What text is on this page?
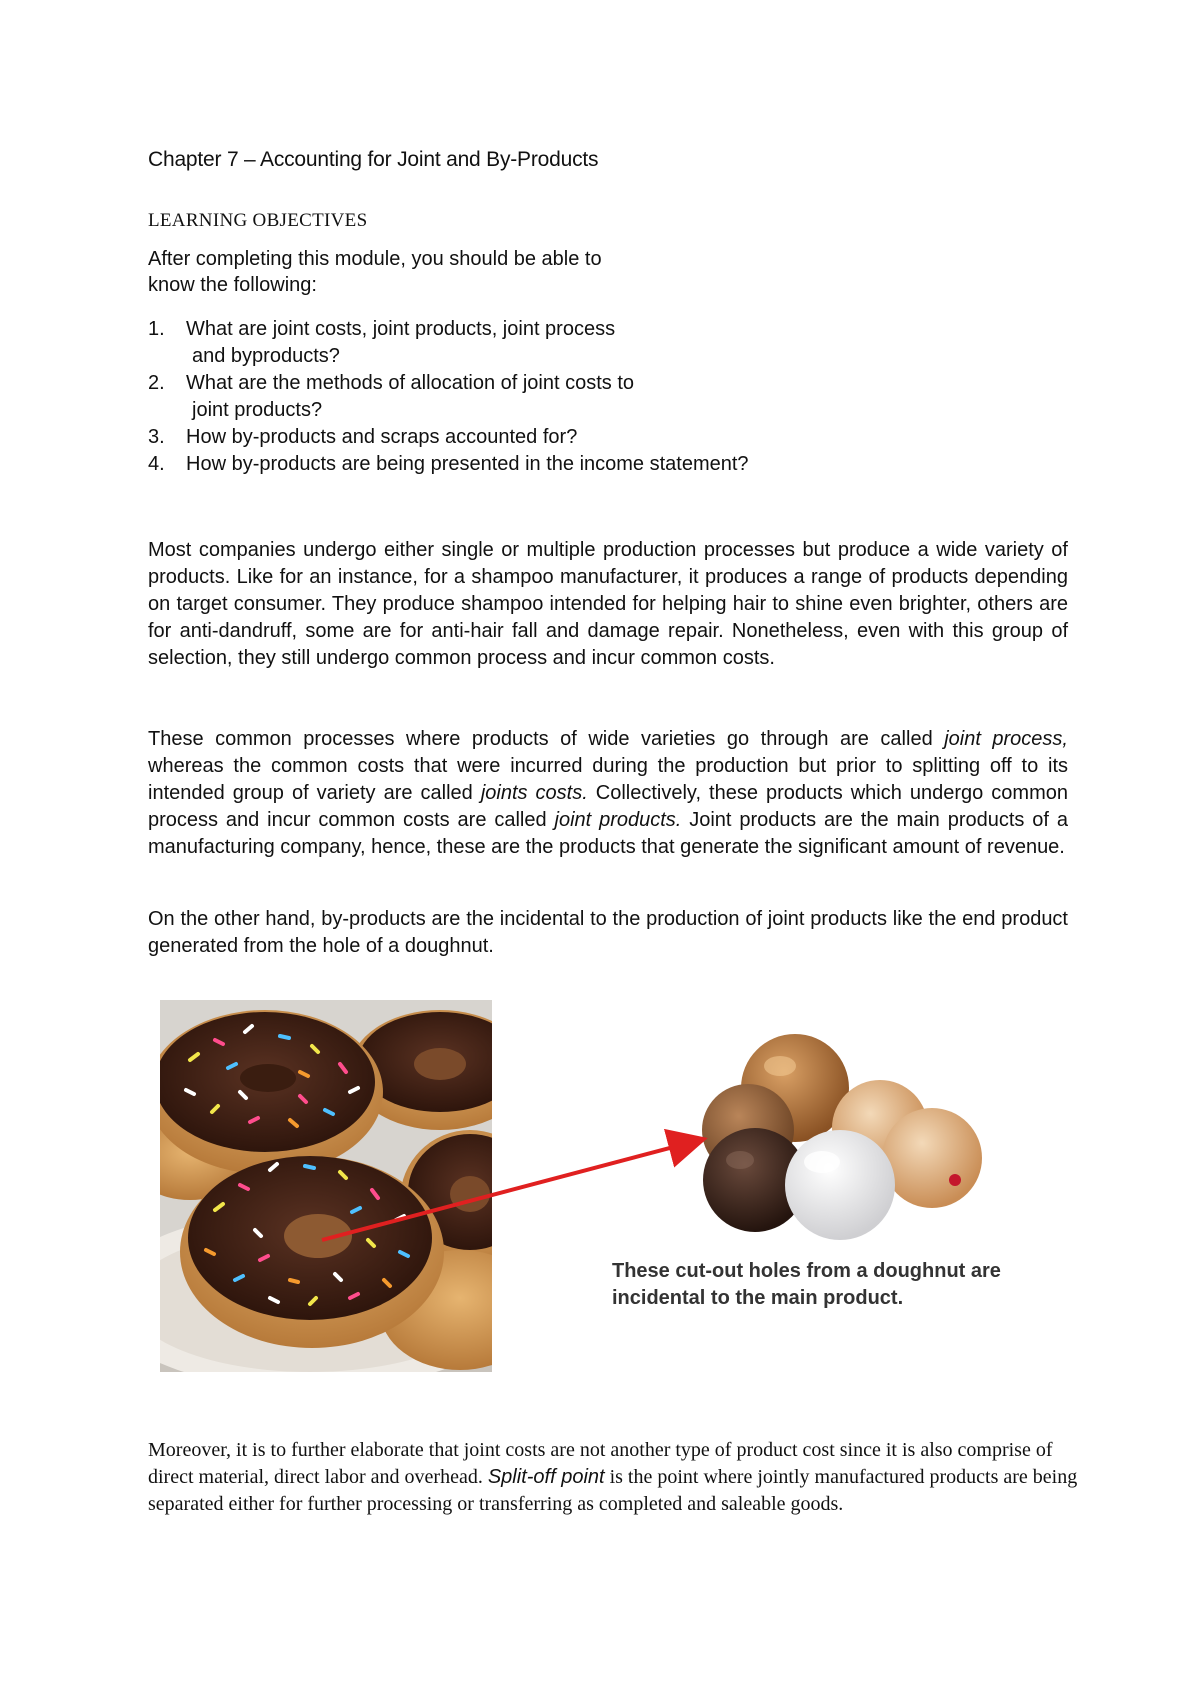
Chapter 7 – Accounting for Joint and By-Products
LEARNING OBJECTIVES
After completing this module, you should be able to
know the following:
1. What are joint costs, joint products, joint process
and byproducts?
2. What are the methods of allocation of joint costs to
joint products?
3. How by-products and scraps accounted for?
4. How by-products are being presented in the income statement?

Most companies undergo either single or multiple production processes but produce a wide variety of products. Like for an instance, for a shampoo manufacturer, it produces a range of products depending on target consumer. They produce shampoo intended for helping hair to shine even brighter, others are for anti-dandruff, some are for anti-hair fall and damage repair. Nonetheless, even with this group of selection, they still undergo common process and incur common costs.

These common processes where products of wide varieties go through are called joint process, whereas the common costs that were incurred during the production but prior to splitting off to its intended group of variety are called joints costs. Collectively, these products which undergo common process and incur common costs are called joint products. Joint products are the main products of a manufacturing company, hence, these are the products that generate the significant amount of revenue.

On the other hand, by-products are the incidental to the production of joint products like the end product generated from the hole of a doughnut.

These cut-out holes from a doughnut are incidental to the main product.

Moreover, it is to further elaborate that joint costs are not another type of product cost since it is also comprise of direct material, direct labor and overhead. Split-off point is the point where jointly manufactured products are being separated either for further processing or transferring as completed and saleable goods.
